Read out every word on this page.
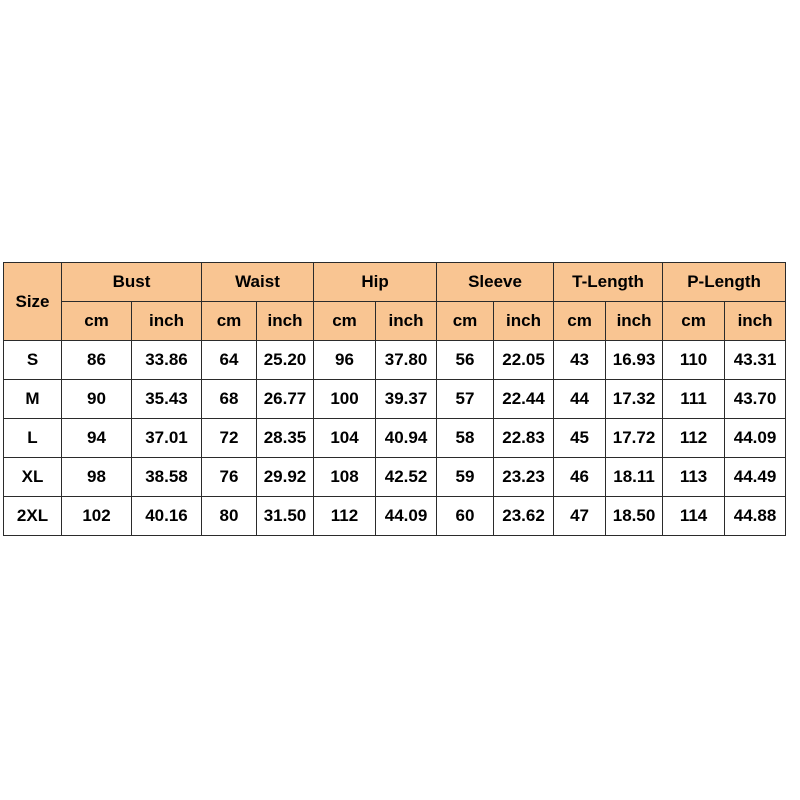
Size	Bust		Waist		Hip		Sleeve		T-Length		P-Length	
	cm	inch	cm	inch	cm	inch	cm	inch	cm	inch	cm	inch
S	86	33.86	64	25.20	96	37.80	56	22.05	43	16.93	110	43.31
M	90	35.43	68	26.77	100	39.37	57	22.44	44	17.32	111	43.70
L	94	37.01	72	28.35	104	40.94	58	22.83	45	17.72	112	44.09
XL	98	38.58	76	29.92	108	42.52	59	23.23	46	18.11	113	44.49
2XL	102	40.16	80	31.50	112	44.09	60	23.62	47	18.50	114	44.88
